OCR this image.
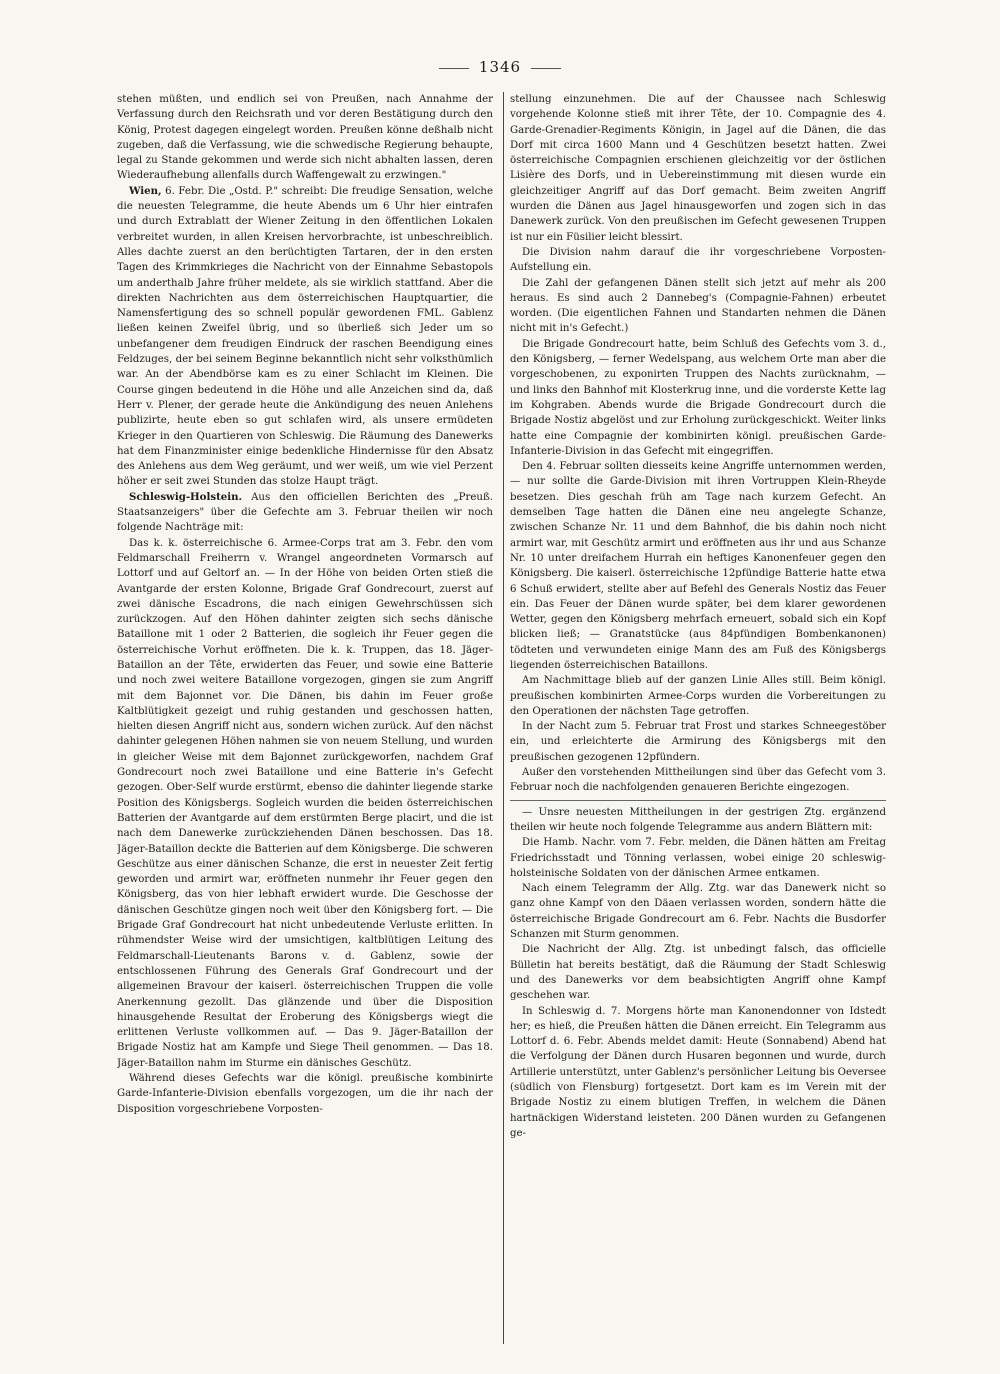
1346

stehen müßten, und endlich sei von Preußen, nach Annahme der Verfassung durch den Reichsrath und vor deren Bestätigung durch den König, Protest dagegen eingelegt worden. Preußen könne deßhalb nicht zugeben, daß die Verfassung, wie die schwedische Regierung behaupte, legal zu Stande gekommen und werde sich nicht abhalten lassen, deren Wiederaufhebung allenfalls durch Waffengewalt zu erzwingen."

Wien, 6. Febr. Die „Ostd. P." schreibt: Die freudige Sensation, welche die neuesten Telegramme, die heute Abends um 6 Uhr hier eintrafen und durch Extrablatt der Wiener Zeitung in den öffentlichen Lokalen verbreitet wurden, in allen Kreisen hervorbrachte, ist unbeschreiblich. Alles dachte zuerst an den berüchtigten Tartaren, der in den ersten Tagen des Krimmkrieges die Nachricht von der Einnahme Sebastopols um anderthalb Jahre früher meldete, als sie wirklich stattfand. Aber die direkten Nachrichten aus dem österreichischen Hauptquartier, die Namensfertigung des so schnell populär gewordenen FML. Gablenz ließen keinen Zweifel übrig, und so überließ sich Jeder um so unbefangener dem freudigen Eindruck der raschen Beendigung eines Feldzuges, der bei seinem Beginne bekanntlich nicht sehr volksthümlich war. An der Abendbörse kam es zu einer Schlacht im Kleinen. Die Course gingen bedeutend in die Höhe und alle Anzeichen sind da, daß Herr v. Plener, der gerade heute die Ankündigung des neuen Anlehens publizirte, heute eben so gut schlafen wird, als unsere ermüdeten Krieger in den Quartieren von Schleswig. Die Räumung des Danewerks hat dem Finanzminister einige bedenkliche Hindernisse für den Absatz des Anlehens aus dem Weg geräumt, und wer weiß, um wie viel Perzent höher er seit zwei Stunden das stolze Haupt trägt.

Schleswig-Holstein. Aus den officiellen Berichten des „Preuß. Staatsanzeigers" über die Gefechte am 3. Februar theilen wir noch folgende Nachträge mit:

Das k. k. österreichische 6. Armee-Corps trat am 3. Febr. den vom Feldmarschall Freiherrn v. Wrangel angeordneten Vormarsch auf Lottorf und auf Geltorf an. — In der Höhe von beiden Orten stieß die Avantgarde der ersten Kolonne, Brigade Graf Gondrecourt, zuerst auf zwei dänische Escadrons, die nach einigen Gewehrschüssen sich zurückzogen. Auf den Höhen dahinter zeigten sich sechs dänische Bataillone mit 1 oder 2 Batterien, die sogleich ihr Feuer gegen die österreichische Vorhut eröffneten. Die k. k. Truppen, das 18. Jäger-Bataillon an der Tête, erwiderten das Feuer, und sowie eine Batterie und noch zwei weitere Bataillone vorgezogen, gingen sie zum Angriff mit dem Bajonnet vor. Die Dänen, bis dahin im Feuer große Kaltblütigkeit gezeigt und ruhig gestanden und geschossen hatten, hielten diesen Angriff nicht aus, sondern wichen zurück. Auf den nächst dahinter gelegenen Höhen nahmen sie von neuem Stellung, und wurden in gleicher Weise mit dem Bajonnet zurückgeworfen, nachdem Graf Gondrecourt noch zwei Bataillone und eine Batterie in's Gefecht gezogen. Ober-Self wurde erstürmt, ebenso die dahinter liegende starke Position des Königsbergs. Sogleich wurden die beiden österreichischen Batterien der Avantgarde auf dem erstürmten Berge placirt, und die ist nach dem Danewerke zurückziehenden Dänen beschossen. Das 18. Jäger-Bataillon deckte die Batterien auf dem Königsberge. Die schweren Geschütze aus einer dänischen Schanze, die erst in neuester Zeit fertig geworden und armirt war, eröffneten nunmehr ihr Feuer gegen den Königsberg, das von hier lebhaft erwidert wurde. Die Geschosse der dänischen Geschütze gingen noch weit über den Königsberg fort. — Die Brigade Graf Gondrecourt hat nicht unbedeutende Verluste erlitten. In rühmendster Weise wird der umsichtigen, kaltblütigen Leitung des Feldmarschall-Lieutenants Barons v. d. Gablenz, sowie der entschlossenen Führung des Generals Graf Gondrecourt und der allgemeinen Bravour der kaiserl. österreichischen Truppen die volle Anerkennung gezollt. Das glänzende und über die Disposition hinausgehende Resultat der Eroberung des Königsbergs wiegt die erlittenen Verluste vollkommen auf. — Das 9. Jäger-Bataillon der Brigade Nostiz hat am Kampfe und Siege Theil genommen. — Das 18. Jäger-Bataillon nahm im Sturme ein dänisches Geschütz.

Während dieses Gefechts war die königl. preußische kombinirte Garde-Infanterie-Division ebenfalls vorgezogen, um die ihr nach der Disposition vorgeschriebene Vorposten-

stellung einzunehmen. Die auf der Chaussee nach Schleswig vorgehende Kolonne stieß mit ihrer Tête, der 10. Compagnie des 4. Garde-Grenadier-Regiments Königin, in Jagel auf die Dänen, die das Dorf mit circa 1600 Mann und 4 Geschützen besetzt hatten. Zwei österreichische Compagnien erschienen gleichzeitig vor der östlichen Lisière des Dorfs, und in Uebereinstimmung mit diesen wurde ein gleichzeitiger Angriff auf das Dorf gemacht. Beim zweiten Angriff wurden die Dänen aus Jagel hinausgeworfen und zogen sich in das Danewerk zurück. Von den preußischen im Gefecht gewesenen Truppen ist nur ein Füsilier leicht blessirt.

Die Division nahm darauf die ihr vorgeschriebene Vorposten-Aufstellung ein.

Die Zahl der gefangenen Dänen stellt sich jetzt auf mehr als 200 heraus. Es sind auch 2 Dannebeg's (Compagnie-Fahnen) erbeutet worden. (Die eigentlichen Fahnen und Standarten nehmen die Dänen nicht mit in's Gefecht.)

Die Brigade Gondrecourt hatte, beim Schluß des Gefechts vom 3. d., den Königsberg, — ferner Wedelspang, aus welchem Orte man aber die vorgeschobenen, zu exponirten Truppen des Nachts zurücknahm, — und links den Bahnhof mit Klosterkrug inne, und die vorderste Kette lag im Kohgraben. Abends wurde die Brigade Gondrecourt durch die Brigade Nostiz abgelöst und zur Erholung zurückgeschickt. Weiter links hatte eine Compagnie der kombinirten königl. preußischen Garde-Infanterie-Division in das Gefecht mit eingegriffen.

Den 4. Februar sollten diesseits keine Angriffe unternommen werden, — nur sollte die Garde-Division mit ihren Vortruppen Klein-Rheyde besetzen. Dies geschah früh am Tage nach kurzem Gefecht. An demselben Tage hatten die Dänen eine neu angelegte Schanze, zwischen Schanze Nr. 11 und dem Bahnhof, die bis dahin noch nicht armirt war, mit Geschütz armirt und eröffneten aus ihr und aus Schanze Nr. 10 unter dreifachem Hurrah ein heftiges Kanonenfeuer gegen den Königsberg. Die kaiserl. österreichische 12pfündige Batterie hatte etwa 6 Schuß erwidert, stellte aber auf Befehl des Generals Nostiz das Feuer ein. Das Feuer der Dänen wurde später, bei dem klarer gewordenen Wetter, gegen den Königsberg mehrfach erneuert, sobald sich ein Kopf blicken ließ; — Granatstücke (aus 84pfündigen Bombenkanonen) tödteten und verwundeten einige Mann des am Fuß des Königsbergs liegenden österreichischen Bataillons.

Am Nachmittage blieb auf der ganzen Linie Alles still. Beim königl. preußischen kombinirten Armee-Corps wurden die Vorbereitungen zu den Operationen der nächsten Tage getroffen.

In der Nacht zum 5. Februar trat Frost und starkes Schneegestöber ein, und erleichterte die Armirung des Königsbergs mit den preußischen gezogenen 12pfündern.

Außer den vorstehenden Mittheilungen sind über das Gefecht vom 3. Februar noch die nachfolgenden genaueren Berichte eingezogen.

— Unsre neuesten Mittheilungen in der gestrigen Ztg. ergänzend theilen wir heute noch folgende Telegramme aus andern Blättern mit:

Die Hamb. Nachr. vom 7. Febr. melden, die Dänen hätten am Freitag Friedrichsstadt und Tönning verlassen, wobei einige 20 schleswig-holsteinische Soldaten von der dänischen Armee entkamen.

Nach einem Telegramm der Allg. Ztg. war das Danewerk nicht so ganz ohne Kampf von den Däaen verlassen worden, sondern hätte die österreichische Brigade Gondrecourt am 6. Febr. Nachts die Busdorfer Schanzen mit Sturm genommen.

Die Nachricht der Allg. Ztg. ist unbedingt falsch, das officielle Bülletin hat bereits bestätigt, daß die Räumung der Stadt Schleswig und des Danewerks vor dem beabsichtigten Angriff ohne Kampf geschehen war.

In Schleswig d. 7. Morgens hörte man Kanonendonner von Idstedt her; es hieß, die Preußen hätten die Dänen erreicht. Ein Telegramm aus Lottorf d. 6. Febr. Abends meldet damit: Heute (Sonnabend) Abend hat die Verfolgung der Dänen durch Husaren begonnen und wurde, durch Artillerie unterstützt, unter Gablenz's persönlicher Leitung bis Oeversee (südlich von Flensburg) fortgesetzt. Dort kam es im Verein mit der Brigade Nostiz zu einem blutigen Treffen, in welchem die Dänen hartnäckigen Widerstand leisteten. 200 Dänen wurden zu Gefangenen ge-
